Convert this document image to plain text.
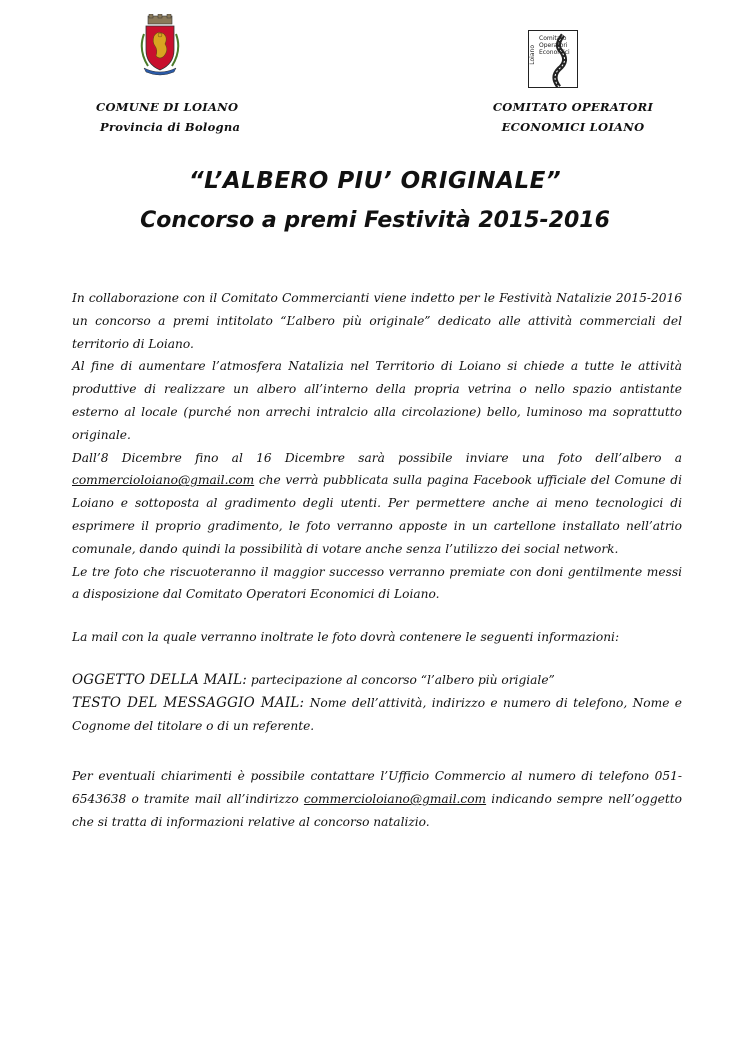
Comitato
Operatori
Economici
Loiano
COMUNE DI LOIANO
Provincia di Bologna
COMITATO OPERATORI
ECONOMICI LOIANO
“L’ALBERO PIU’ ORIGINALE”
Concorso a premi Festività 2015-2016

In collaborazione con il Comitato Commercianti viene indetto per le Festività Natalizie 2015-2016 un concorso a premi intitolato “L’albero più originale” dedicato alle attività commerciali del territorio di Loiano.

Al fine di aumentare l’atmosfera Natalizia nel Territorio di Loiano si chiede a tutte le attività produttive di realizzare un albero all’interno della propria vetrina o nello spazio antistante esterno al locale (purché non arrechi intralcio alla circolazione) bello, luminoso ma soprattutto originale.

Dall’8 Dicembre fino al 16 Dicembre sarà possibile inviare una foto dell’albero a commercioloiano@gmail.com che verrà pubblicata sulla pagina Facebook ufficiale del Comune di Loiano e sottoposta al gradimento degli utenti. Per permettere anche ai meno tecnologici di esprimere il proprio gradimento, le foto verranno apposte in un cartellone installato nell’atrio comunale, dando quindi la possibilità di votare anche senza l’utilizzo dei social network.

Le tre foto che riscuoteranno il maggior successo verranno premiate con doni gentilmente messi a disposizione dal Comitato Operatori Economici di Loiano.

La mail con la quale verranno inoltrate le foto dovrà contenere le seguenti informazioni:

OGGETTO DELLA MAIL: partecipazione al concorso “l’albero più origiale”

TESTO DEL MESSAGGIO MAIL: Nome dell’attività, indirizzo e numero di telefono, Nome e Cognome del titolare o di un referente.

Per eventuali chiarimenti è possibile contattare l’Ufficio Commercio al numero di telefono 051-6543638 o tramite mail all’indirizzo commercioloiano@gmail.com indicando sempre nell’oggetto che si tratta di informazioni relative al concorso natalizio.
